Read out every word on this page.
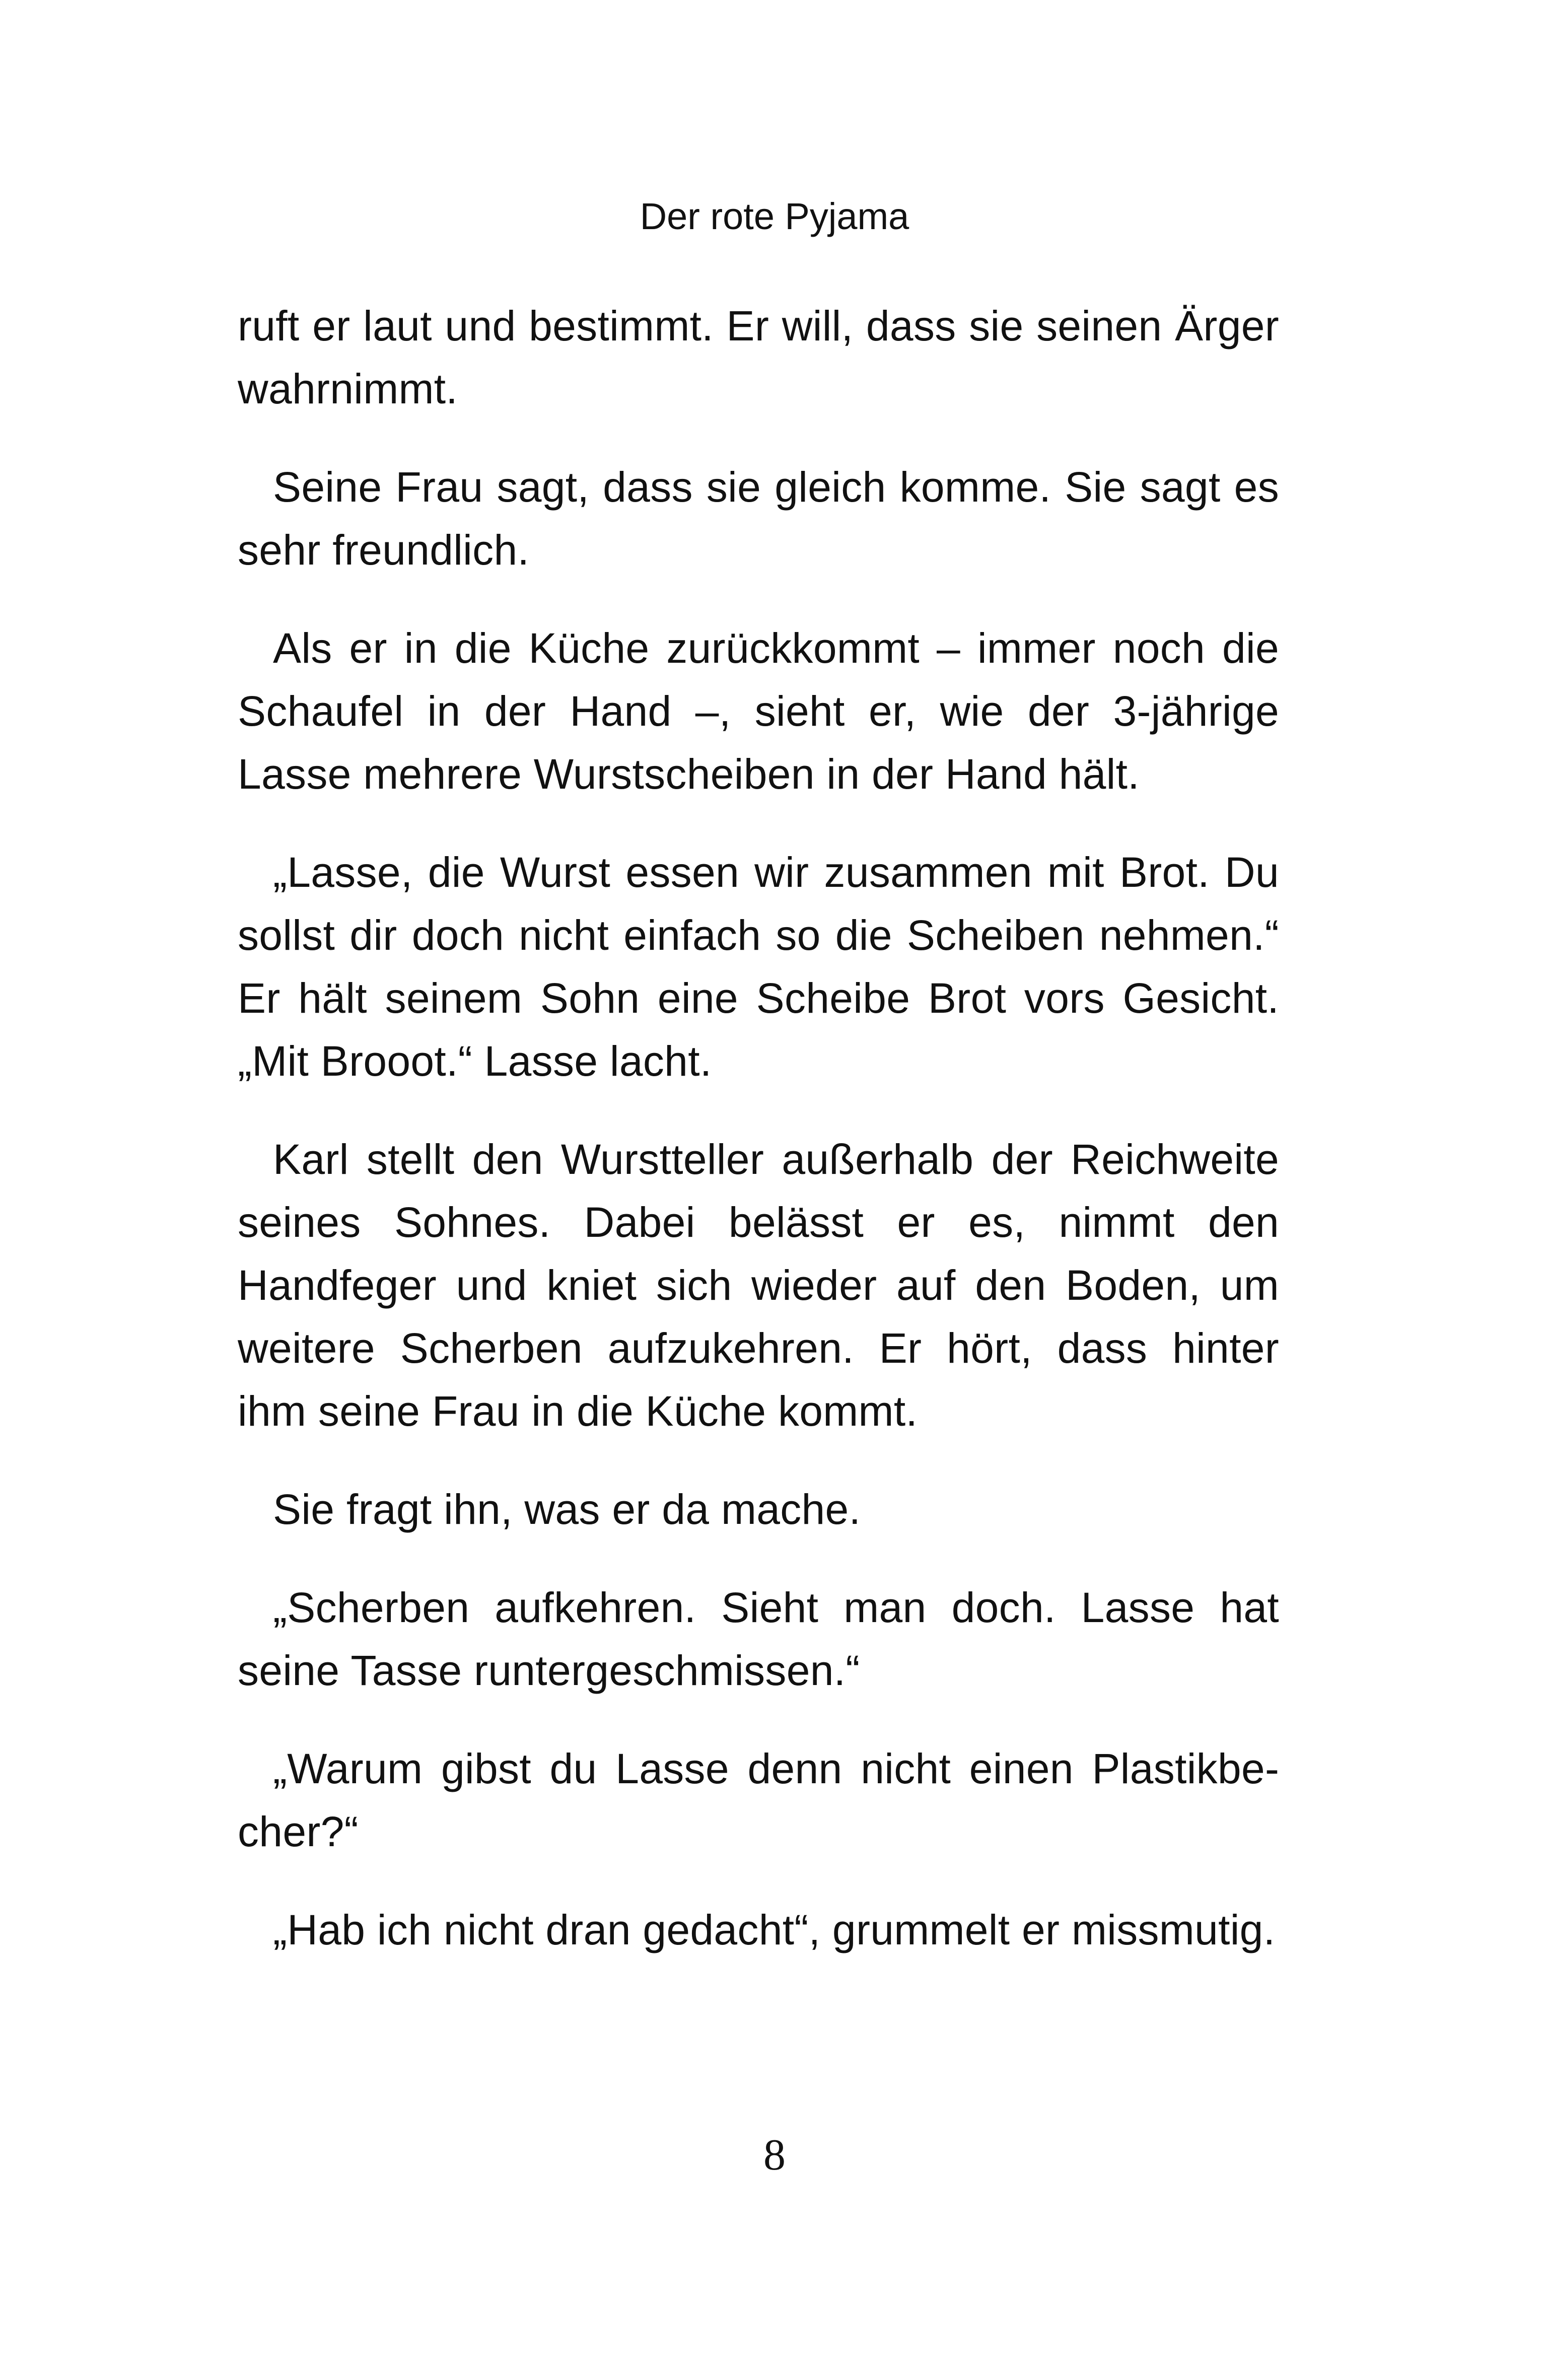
Der rote Pyjama

ruft er laut und bestimmt. Er will, dass sie seinen Ärger wahrnimmt.

Seine Frau sagt, dass sie gleich komme. Sie sagt es sehr freundlich.

Als er in die Küche zurückkommt – immer noch die Schaufel in der Hand –, sieht er, wie der 3-jährige Lasse mehrere Wurstscheiben in der Hand hält.

„Lasse, die Wurst essen wir zusammen mit Brot. Du sollst dir doch nicht einfach so die Scheiben nehmen.“ Er hält seinem Sohn eine Scheibe Brot vors Gesicht. „Mit Brooot.“ Lasse lacht.

Karl stellt den Wurstteller außerhalb der Reichweite seines Sohnes. Dabei belässt er es, nimmt den Handfeger und kniet sich wieder auf den Boden, um weitere Scherben aufzukehren. Er hört, dass hinter ihm seine Frau in die Küche kommt.

Sie fragt ihn, was er da mache.

„Scherben aufkehren. Sieht man doch. Lasse hat seine Tasse runtergeschmissen.“

„Warum gibst du Lasse denn nicht einen Plastikbecher?“

„Hab ich nicht dran gedacht“, grummelt er missmutig.

8
